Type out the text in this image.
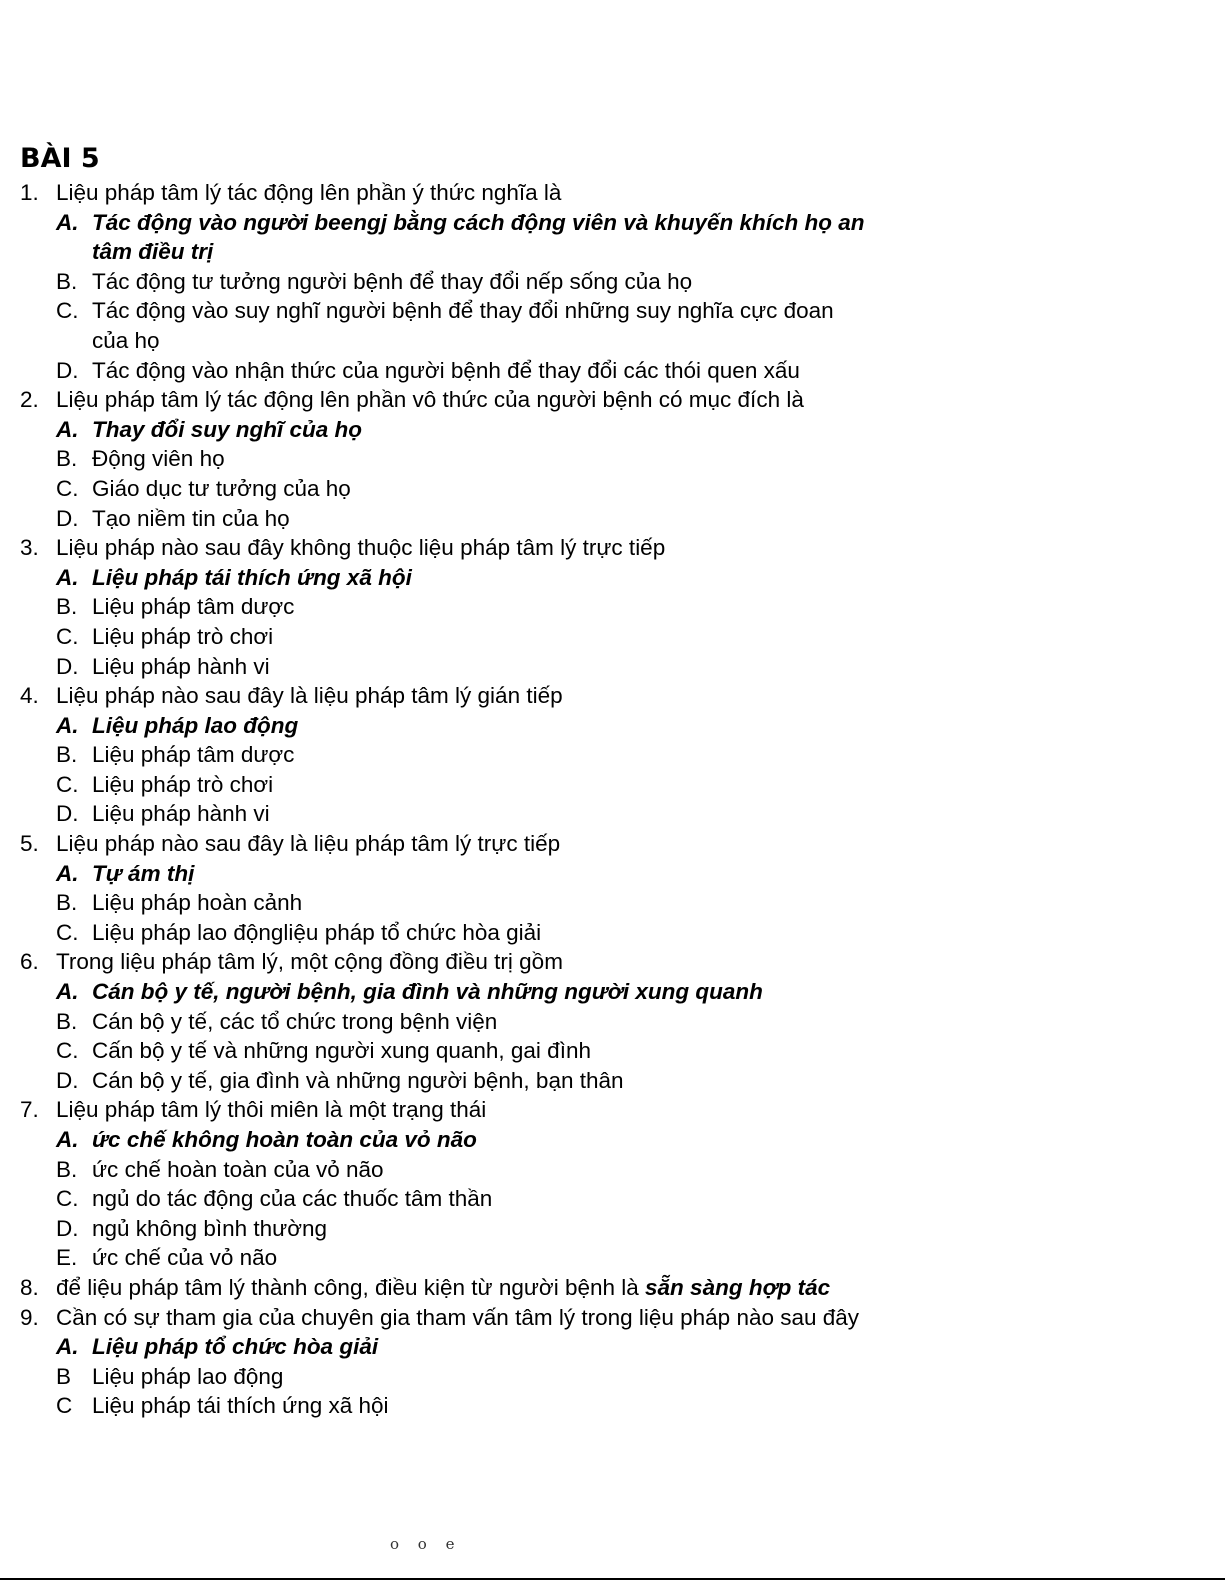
BÀI 5
1. Liệu pháp tâm lý tác động lên phần ý thức nghĩa là
A. Tác động vào người beengj bằng cách động viên và khuyến khích họ an
tâm điều trị
B. Tác động tư tưởng người bệnh để thay đổi nếp sống của họ
C. Tác động vào suy nghĩ người bệnh để thay đổi những suy nghĩa cực đoan
của họ
D. Tác động vào nhận thức của người bệnh để thay đổi các thói quen xấu
2. Liệu pháp tâm lý tác động lên phần vô thức của người bệnh có mục đích là
A. Thay đổi suy nghĩ của họ
B. Động viên họ
C. Giáo dục tư tưởng của họ
D. Tạo niềm tin của họ
3. Liệu pháp nào sau đây không thuộc liệu pháp tâm lý trực tiếp
A. Liệu pháp tái thích ứng xã hội
B. Liệu pháp tâm dược
C. Liệu pháp trò chơi
D. Liệu pháp hành vi
4. Liệu pháp nào sau đây là liệu pháp tâm lý gián tiếp
A. Liệu pháp lao động
B. Liệu pháp tâm dược
C. Liệu pháp trò chơi
D. Liệu pháp hành vi
5. Liệu pháp nào sau đây là liệu pháp tâm lý trực tiếp
A. Tự ám thị
B. Liệu pháp hoàn cảnh
C. Liệu pháp lao độngliệu pháp tổ chức hòa giải
6. Trong liệu pháp tâm lý, một cộng đồng điều trị gồm
A. Cán bộ y tế, người bệnh, gia đình và những người xung quanh
B. Cán bộ y tế, các tổ chức trong bệnh viện
C. Cấn bộ y tế và những người xung quanh, gai đình
D. Cán bộ y tế, gia đình và những người bệnh, bạn thân
7. Liệu pháp tâm lý thôi miên là một trạng thái
A. ức chế không hoàn toàn của vỏ não
B. ức chế hoàn toàn của vỏ não
C. ngủ do tác động của các thuốc tâm thần
D. ngủ không bình thường
E. ức chế của vỏ não
8. để liệu pháp tâm lý thành công, điều kiện từ người bệnh là sẵn sàng hợp tác
9. Cần có sự tham gia của chuyên gia tham vấn tâm lý trong liệu pháp nào sau đây
A. Liệu pháp tổ chức hòa giải
B Liệu pháp lao động
C Liệu pháp tái thích ứng xã hội
o o e
